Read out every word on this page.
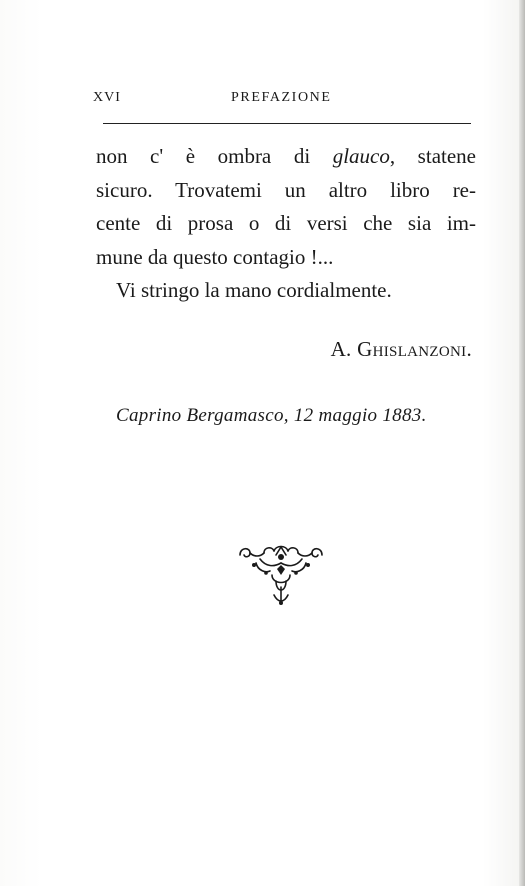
XVI	PREFAZIONE
non c' è ombra di glauco, statene
sicuro. Trovatemi un altro libro re-
cente di prosa o di versi che sia im-
mune da questo contagio !...
Vi stringo la mano cordialmente.
A. Ghislanzoni.
Caprino Bergamasco, 12 maggio 1883.
